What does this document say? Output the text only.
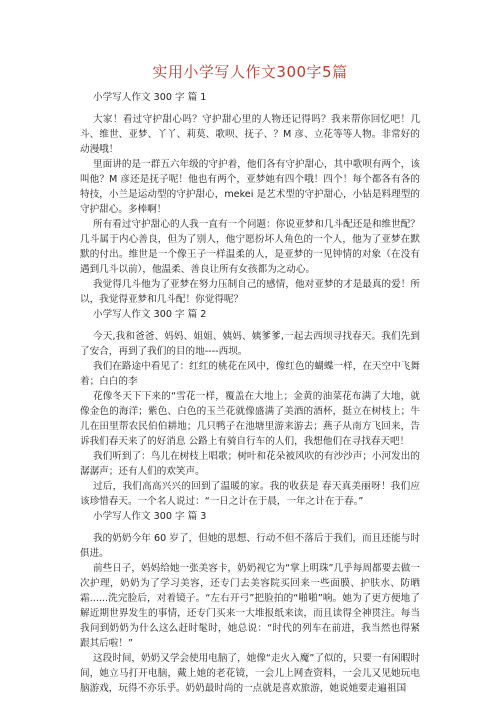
实用小学写人作文300字5篇

小学写人作文 300 字 篇 1

大家！看过守护甜心吗？守护甜心里的人物还记得吗？我来帮你回忆吧！几斗、维世、亚梦、丫丫、莉莫、歌呗、抚子、？M 彦、立花等等人物。非常好的动漫哦！

里面讲的是一群五六年级的守护着，他们各有守护甜心，其中歌呗有两个，该叫他？M 彦还是抚子呢！他也有两个，亚梦她有四个哦！四个！每个都各有各的特技，小兰是运动型的守护甜心，mekei 是艺术型的守护甜心，小钻是料理型的守护甜心。多棒啊！

所有看过守护甜心的人我一直有一个问题：你说亚梦和几斗配还是和维世配？几斗属于内心善良，但为了别人，他宁愿扮坏人角色的一个人，他为了亚梦在默默的付出。维世是一个像王子一样温柔的人，是亚梦的一见钟情的对象（在没有遇到几斗以前），他温柔、善良让所有女孩都为之动心。

我觉得几斗他为了亚梦在努力压制自己的感情，他对亚梦的才是最真的爱！所以，我觉得亚梦和几斗配！你觉得呢？

小学写人作文 300 字 篇 2

今天,我和爸爸、妈妈、姐姐、姨妈、姨爹爹,一起去西坝寻找春天。我们先到了安合，再到了我们的目的地----西坝。

我们在路途中看见了：红红的桃花在风中，像红色的蝴蝶一样，在天空中飞舞着；白白的李

花像冬天下下来的“雪花一样，覆盖在大地上；金黄的油菜花布满了大地，就像金色的海洋；紫色、白色的玉兰花就像盛满了美酒的酒杯，挺立在树枝上；牛儿在田里帮农民伯伯耕地；几只鸭子在池塘里游来游去；燕子从南方飞回来，告诉我们春天来了的好消息 公路上有骑自行车的人们，我想他们在寻找春天吧！

我们听到了：鸟儿在树枝上唱歌；树叶和花朵被风吹的有沙沙声；小河发出的潺潺声；还有人们的欢笑声。

过后，我们高高兴兴的回到了温暖的家。我的收获是 春天真美丽呀！我们应该珍惜春天。一个名人说过：“一日之计在于晨，一年之计在于春。”

小学写人作文 300 字 篇 3

我的奶奶今年 60 岁了，但她的思想、行动不但不落后于我们，而且还能与时俱进。

前些日子，妈妈给她一张美容卡，奶奶视它为“掌上明珠”几乎每周都要去做一次护理，奶奶为了学习美容，还专门去美容院买回来一些面膜、护肤水、防晒霜......洗完脸后，对着镜子。“左右开弓”把脸拍的“啪啪”响。她为了更方便地了解近期世界发生的事情，还专门买来一大堆报纸来读，而且读得全神贯注。每当我问到奶奶为什么这么赶时髦时，她总说：“时代的列车在前进，我当然也得紧跟其后啦！”

这段时间，奶奶又学会使用电脑了，她像“走火入魔”了似的，只要一有闲暇时间，她立马打开电脑，戴上她的老花镜，一会儿上网查资料，一会儿又见她玩电脑游戏，玩得不亦乐乎。奶奶最时尚的一点就是喜欢旅游，她说她要走遍祖国
